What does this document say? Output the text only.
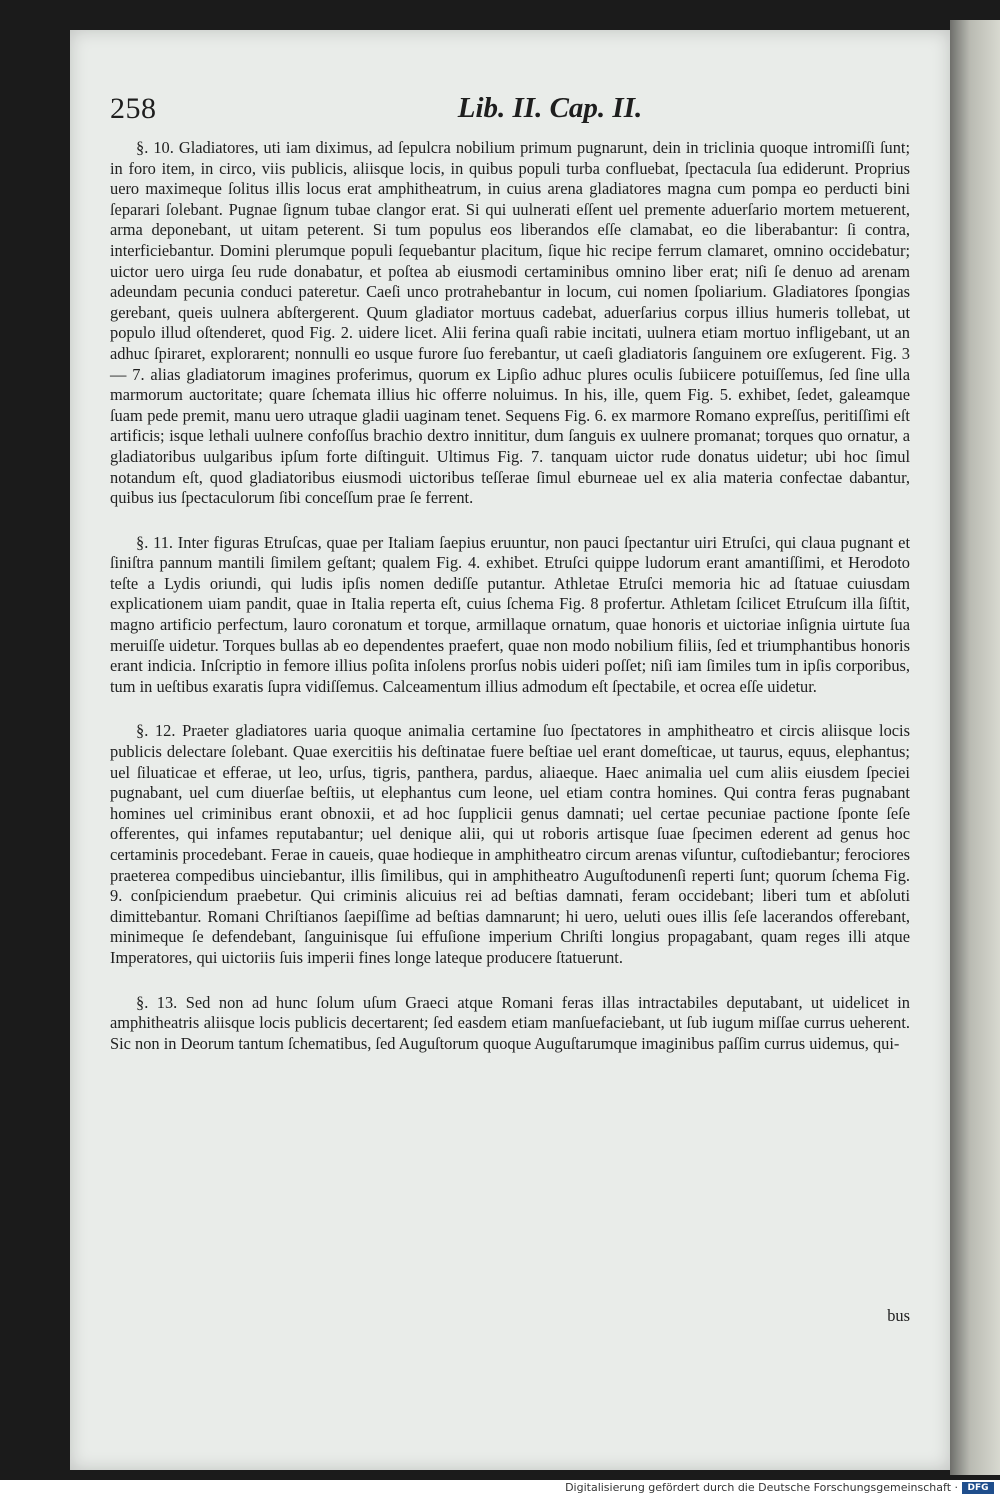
258	Lib. II. Cap. II.

§. 10. Gladiatores, uti iam diximus, ad ſepulcra nobilium primum pugnarunt, dein in triclinia quoque intromiſſi ſunt; in foro item, in circo, viis publicis, aliisque locis, in quibus populi turba confluebat, ſpectacula ſua ediderunt. Proprius uero maximeque ſolitus illis locus erat amphitheatrum, in cuius arena gladiatores magna cum pompa eo perducti bini ſeparari ſolebant. Pugnae ſignum tubae clangor erat. Si qui uulnerati eſſent uel premente aduerſario mortem metuerent, arma deponebant, ut uitam peterent. Si tum populus eos liberandos eſſe clamabat, eo die liberabantur: ſi contra, interficiebantur. Domini plerumque populi ſequebantur placitum, ſique hic recipe ferrum clamaret, omnino occidebatur; uictor uero uirga ſeu rude donabatur, et poſtea ab eiusmodi certaminibus omnino liber erat; niſi ſe denuo ad arenam adeundam pecunia conduci pateretur. Caeſi unco protrahebantur in locum, cui nomen ſpoliarium. Gladiatores ſpongias gerebant, queis uulnera abſtergerent. Quum gladiator mortuus cadebat, aduerſarius corpus illius humeris tollebat, ut populo illud oſtenderet, quod Fig. 2. uidere licet. Alii ferina quaſi rabie incitati, uulnera etiam mortuo infligebant, ut an adhuc ſpiraret, explorarent; nonnulli eo usque furore ſuo ferebantur, ut caeſi gladiatoris ſanguinem ore exſugerent. Fig. 3 — 7. alias gladiatorum imagines proferimus, quorum ex Lipſio adhuc plures oculis ſubiicere potuiſſemus, ſed ſine ulla marmorum auctoritate; quare ſchemata illius hic offerre noluimus. In his, ille, quem Fig. 5. exhibet, ſedet, galeamque ſuam pede premit, manu uero utraque gladii uaginam tenet. Sequens Fig. 6. ex marmore Romano expreſſus, peritiſſimi eſt artificis; isque lethali uulnere confoſſus brachio dextro innititur, dum ſanguis ex uulnere promanat; torques quo ornatur, a gladiatoribus uulgaribus ipſum forte diſtinguit. Ultimus Fig. 7. tanquam uictor rude donatus uidetur; ubi hoc ſimul notandum eſt, quod gladiatoribus eiusmodi uictoribus teſſerae ſimul eburneae uel ex alia materia confectae dabantur, quibus ius ſpectaculorum ſibi conceſſum prae ſe ferrent.

§. 11. Inter figuras Etruſcas, quae per Italiam ſaepius eruuntur, non pauci ſpectantur uiri Etruſci, qui claua pugnant et ſiniſtra pannum mantili ſimilem geſtant; qualem Fig. 4. exhibet. Etruſci quippe ludorum erant amantiſſimi, et Herodoto teſte a Lydis oriundi, qui ludis ipſis nomen dediſſe putantur. Athletae Etruſci memoria hic ad ſtatuae cuiusdam explicationem uiam pandit, quae in Italia reperta eſt, cuius ſchema Fig. 8 profertur. Athletam ſcilicet Etruſcum illa ſiſtit, magno artificio perfectum, lauro coronatum et torque, armillaque ornatum, quae honoris et uictoriae inſignia uirtute ſua meruiſſe uidetur. Torques bullas ab eo dependentes praefert, quae non modo nobilium filiis, ſed et triumphantibus honoris erant indicia. Inſcriptio in femore illius poſita inſolens prorſus nobis uideri poſſet; niſi iam ſimiles tum in ipſis corporibus, tum in ueſtibus exaratis ſupra vidiſſemus. Calceamentum illius admodum eſt ſpectabile, et ocrea eſſe uidetur.

§. 12. Praeter gladiatores uaria quoque animalia certamine ſuo ſpectatores in amphitheatro et circis aliisque locis publicis delectare ſolebant. Quae exercitiis his deſtinatae fuere beſtiae uel erant domeſticae, ut taurus, equus, elephantus; uel ſiluaticae et efferae, ut leo, urſus, tigris, panthera, pardus, aliaeque. Haec animalia uel cum aliis eiusdem ſpeciei pugnabant, uel cum diuerſae beſtiis, ut elephantus cum leone, uel etiam contra homines. Qui contra feras pugnabant homines uel criminibus erant obnoxii, et ad hoc ſupplicii genus damnati; uel certae pecuniae pactione ſponte ſeſe offerentes, qui infames reputabantur; uel denique alii, qui ut roboris artisque ſuae ſpecimen ederent ad genus hoc certaminis procedebant. Ferae in caueis, quae hodieque in amphitheatro circum arenas viſuntur, cuſtodiebantur; ferociores praeterea compedibus uinciebantur, illis ſimilibus, qui in amphitheatro Auguſtodunenſi reperti ſunt; quorum ſchema Fig. 9. conſpiciendum praebetur. Qui criminis alicuius rei ad beſtias damnati, feram occidebant; liberi tum et abſoluti dimittebantur. Romani Chriſtianos ſaepiſſime ad beſtias damnarunt; hi uero, ueluti oues illis ſeſe lacerandos offerebant, minimeque ſe defendebant, ſanguinisque ſui effuſione imperium Chriſti longius propagabant, quam reges illi atque Imperatores, qui uictoriis ſuis imperii fines longe lateque producere ſtatuerunt.

§. 13. Sed non ad hunc ſolum uſum Graeci atque Romani feras illas intractabiles deputabant, ut uidelicet in amphitheatris aliisque locis publicis decertarent; ſed easdem etiam manſuefaciebant, ut ſub iugum miſſae currus ueherent. Sic non in Deorum tantum ſchematibus, ſed Auguſtorum quoque Auguſtarumque imaginibus paſſim currus uidemus, qui-

bus
Digitalisierung gefördert durch die Deutsche Forschungsgemeinschaft ·	DFG
